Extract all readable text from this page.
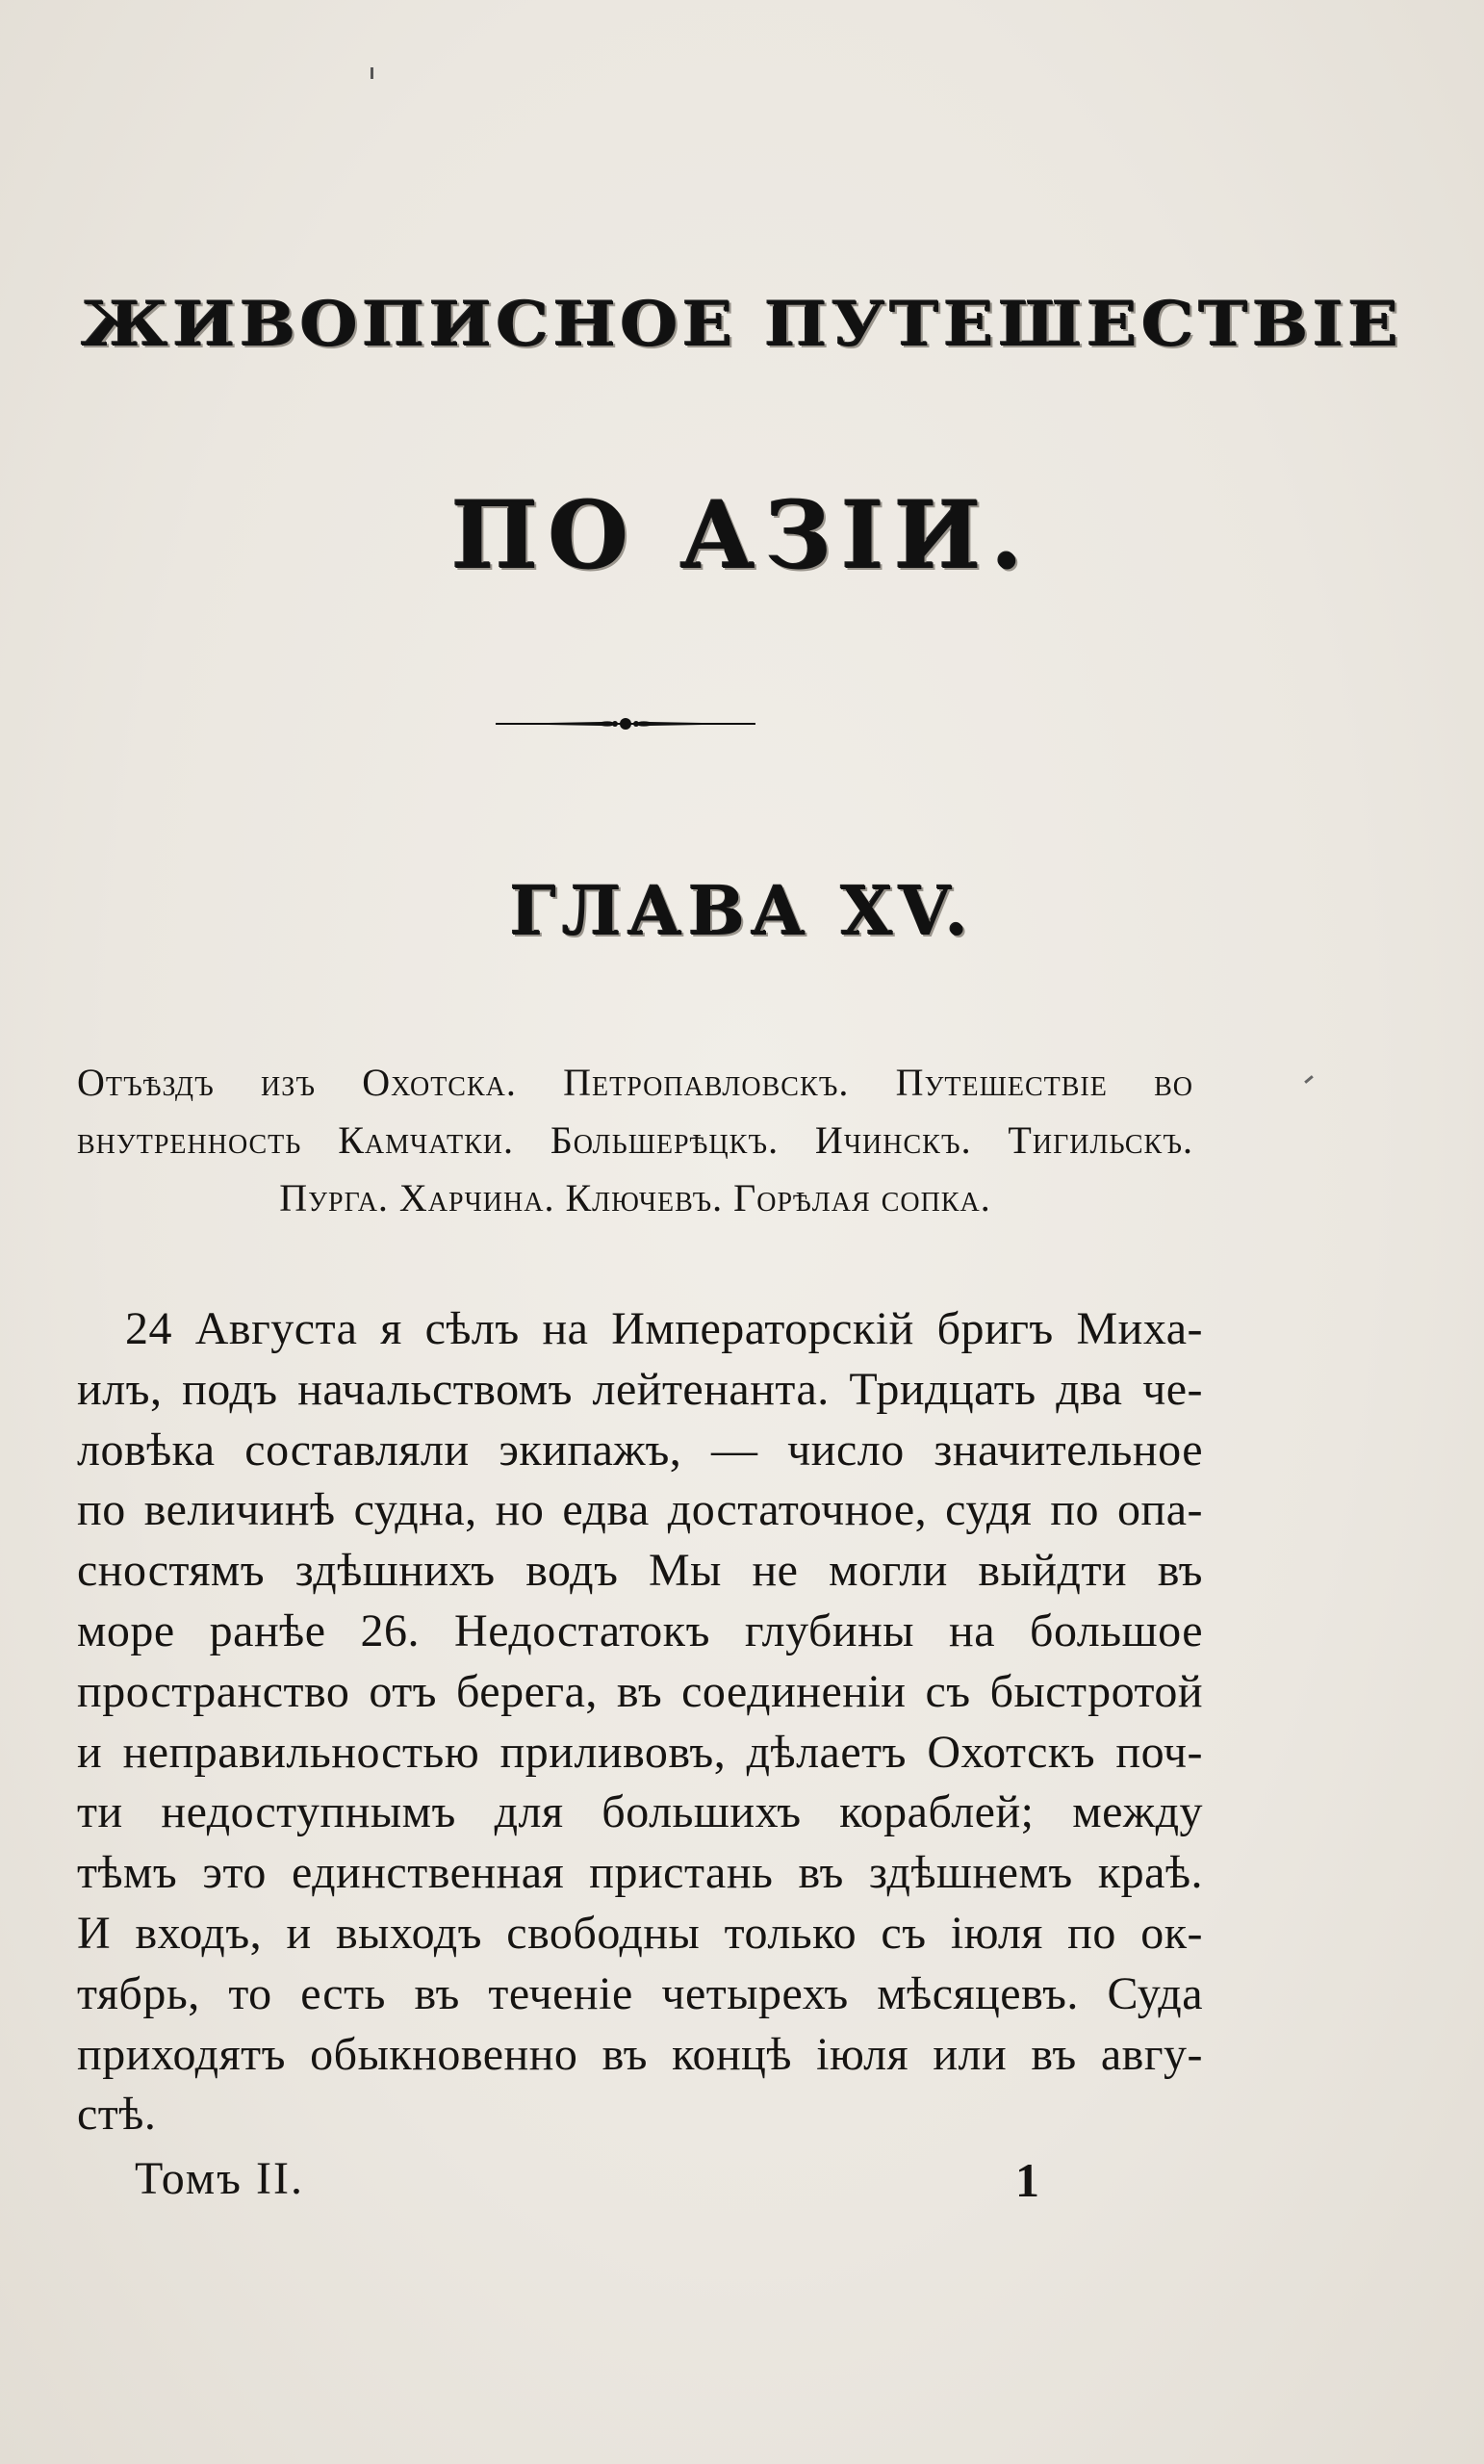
ЖИВОПИСНОЕ ПУТЕШЕСТВІЕ
ПО АЗІИ.
ГЛАВА XV.
Отъѣздъ изъ Охотска. Петропавловскъ. Путешествіе во
внутренность Камчатки. Большерѣцкъ. Ичинскъ. Тигильскъ.
Пурга. Харчина. Ключевъ. Горѣлая сопка.
24 Августа я сѣлъ на Императорскій бригъ Миха-
илъ, подъ начальствомъ лейтенанта. Тридцать два че-
ловѣка составляли экипажъ, — число значительное
по величинѣ судна, но едва достаточное, судя по опа-
сностямъ здѣшнихъ водъ Мы не могли выйдти въ
море ранѣе 26. Недостатокъ глубины на большое
пространство отъ берега, въ соединеніи съ быстротой
и неправильностью приливовъ, дѣлаетъ Охотскъ поч-
ти недоступнымъ для большихъ кораблей; между
тѣмъ это единственная пристань въ здѣшнемъ краѣ.
И входъ, и выходъ свободны только съ іюля по ок-
тябрь, то есть въ теченіе четырехъ мѣсяцевъ. Суда
приходятъ обыкновенно въ концѣ іюля или въ авгу-
стѣ.
Томъ II.	1
